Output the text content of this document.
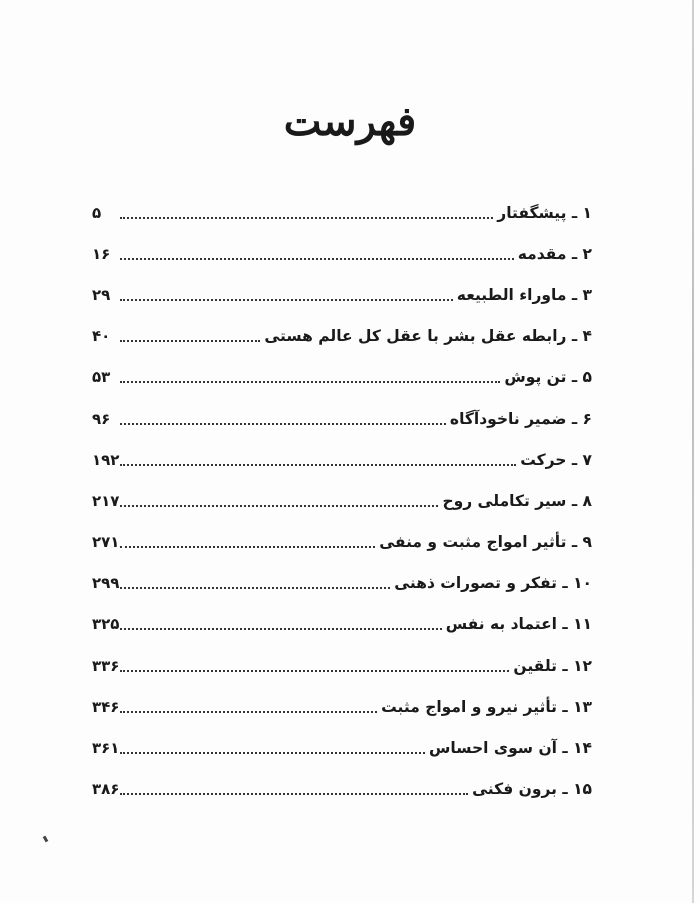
فهرست
۱ ـ پیشگفتار
۵
۲ ـ مقدمه
۱۶
۳ ـ ماوراء الطبیعه
۲۹
۴ ـ رابطه عقل بشر با عقل کل عالم هستی
۴۰
۵ ـ تن پوش
۵۳
۶ ـ ضمیر ناخودآگاه
۹۶
۷ ـ حرکت
۱۹۲
۸ ـ سیر تکاملی روح
۲۱۷
۹ ـ تأثیر امواج مثبت و منفی
۲۷۱
۱۰ ـ تفکر و تصورات ذهنی
۲۹۹
۱۱ ـ اعتماد به نفس
۳۲۵
۱۲ ـ تلقین
۳۳۶
۱۳ ـ تأثیر نیرو و امواج مثبت
۳۴۶
۱۴ ـ آن سوی احساس
۳۶۱
۱۵ ـ برون فکنی
۳۸۶
